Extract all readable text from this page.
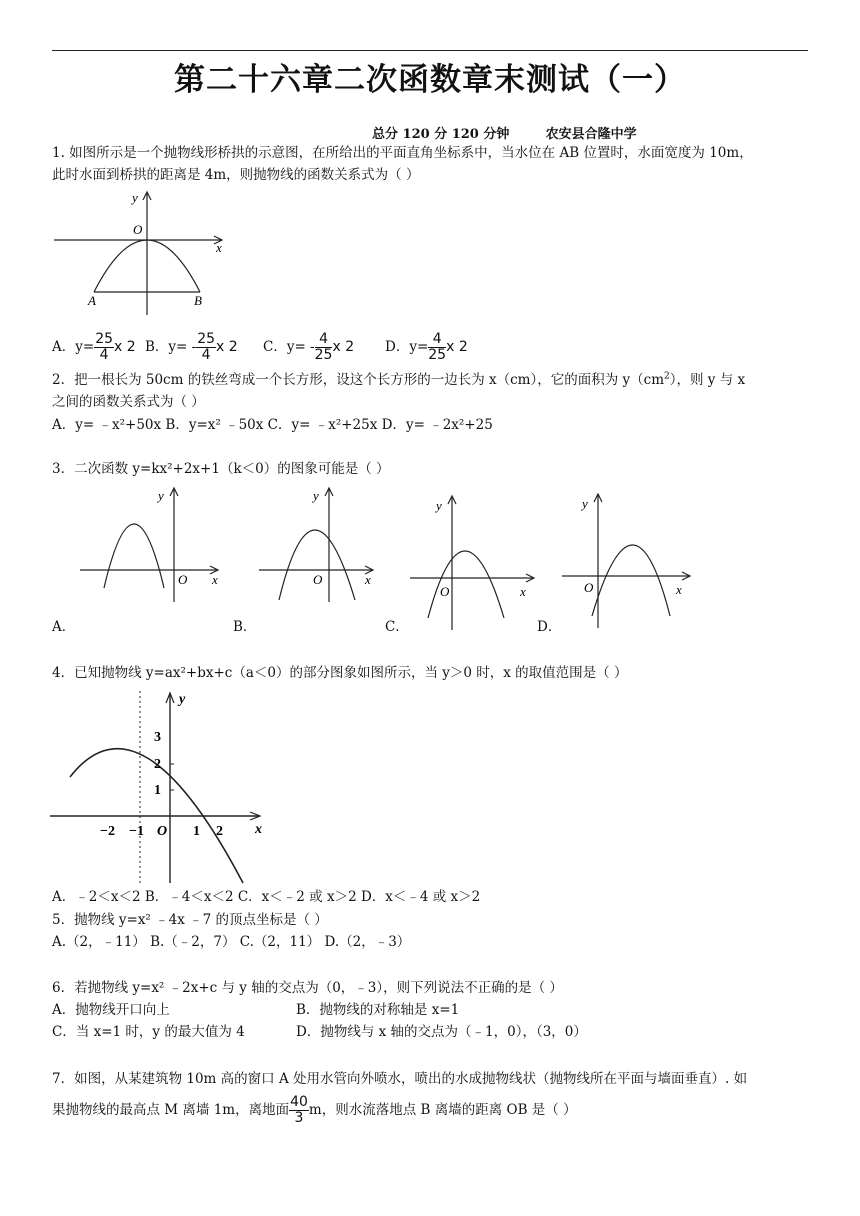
第二十六章二次函数章末测试（一）
总分 120 分 120 分钟        农安县合隆中学
1. 如图所示是一个抛物线形桥拱的示意图，在所给出的平面直角坐标系中，当水位在 AB 位置时，水面宽度为 10m，
此时水面到桥拱的距离是 4m，则抛物线的函数关系式为（ ）
y
x
O
A	B
A．$y= \frac{25}{4}$ x 2 B．$y= - \frac{25}{4}$ x 2 C．$y= - \frac{4}{25}$ x 2 D．$y= \frac{4}{25}$ x 2
2．把一根长为 50cm 的铁丝弯成一个长方形，设这个长方形的一边长为 x（cm），它的面积为 $y(cm^2)$，则 y 与 x
之间的函数关系式为（ ）
A．y= ﹣x²+50x B．y=x² ﹣50x C．y= ﹣x²+25x D．y= ﹣2x²+25
3．二次函数 y=kx²+2x+1（k＜0）的图象可能是（ ）
y
x
O
y
x
O
y
x
O
y
x
O
A．	B．	C．	D．
4．已知抛物线 y=ax²+bx+c（a＜0）的部分图象如图所示，当 y＞0 时，x 的取值范围是（ ）
y
x
3
2
1
−2 −1 O 1 2
A．﹣2＜x＜2 B．﹣4＜x＜2 C．x＜﹣2 或 x＞2 D．x＜﹣4 或 x＞2
5．抛物线 y=x² ﹣4x ﹣7 的顶点坐标是（ ）
A.（2，﹣11） B.（﹣2，7） C.（2，11） D.（2，﹣3）
6．若抛物线 y=x² ﹣2x+c 与 y 轴的交点为（0，﹣3），则下列说法不正确的是（ ）
A．抛物线开口向上	B．抛物线的对称轴是 x=1
C．当 x=1 时，y 的最大值为 4	D．抛物线与 x 轴的交点为（﹣1，0），（3，0）
7．如图，从某建筑物 10m 高的窗口 A 处用水管向外喷水，喷出的水成抛物线状（抛物线所在平面与墙面垂直）. 如
果抛物线的最高点 M 离墙 1m，离地面 $\frac{40}{3}$ m，则水流落地点 B 离墙的距离 OB 是（ ）
